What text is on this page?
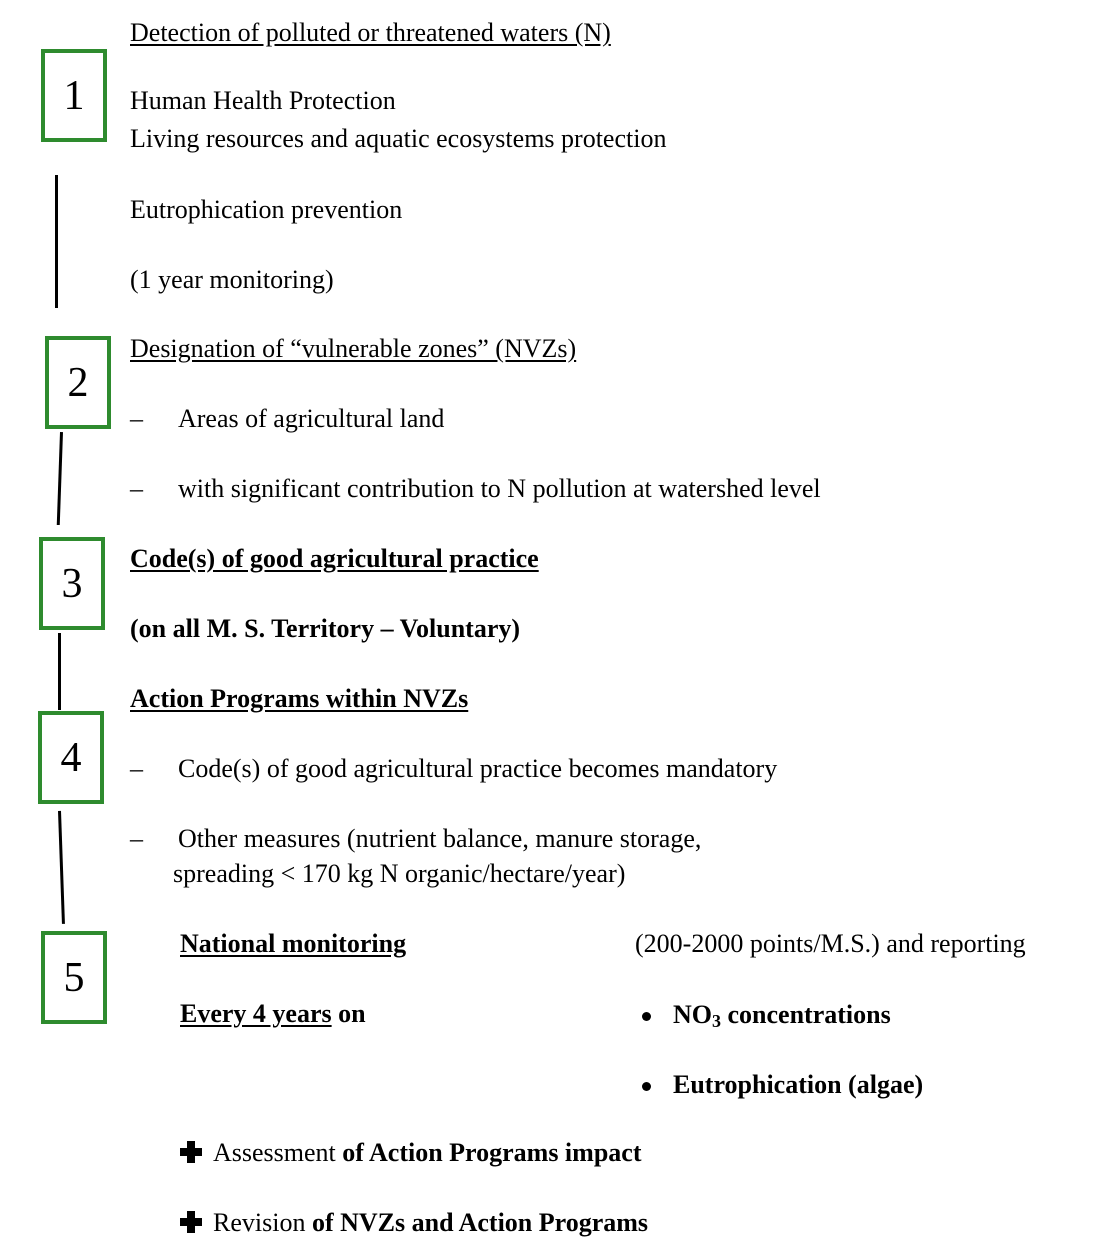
1
2
3
4
5
Detection of polluted or threatened waters (N)
Human Health Protection
Living resources and aquatic ecosystems protection
Eutrophication prevention
(1 year monitoring)
Designation of “vulnerable zones” (NVZs)
– Areas of agricultural land
– with significant contribution to N pollution at watershed level
Code(s) of good agricultural practice
(on all M. S. Territory – Voluntary)
Action Programs within NVZs
– Code(s) of good agricultural practice becomes mandatory
– Other measures (nutrient balance, manure storage,
spreading < 170 kg N organic/hectare/year)
National monitoring	(200-2000 points/M.S.) and reporting
Every 4 years on	$NO_3$ concentrations
Eutrophication (algae)
Assessment of Action Programs impact
Revision of NVZs and Action Programs
